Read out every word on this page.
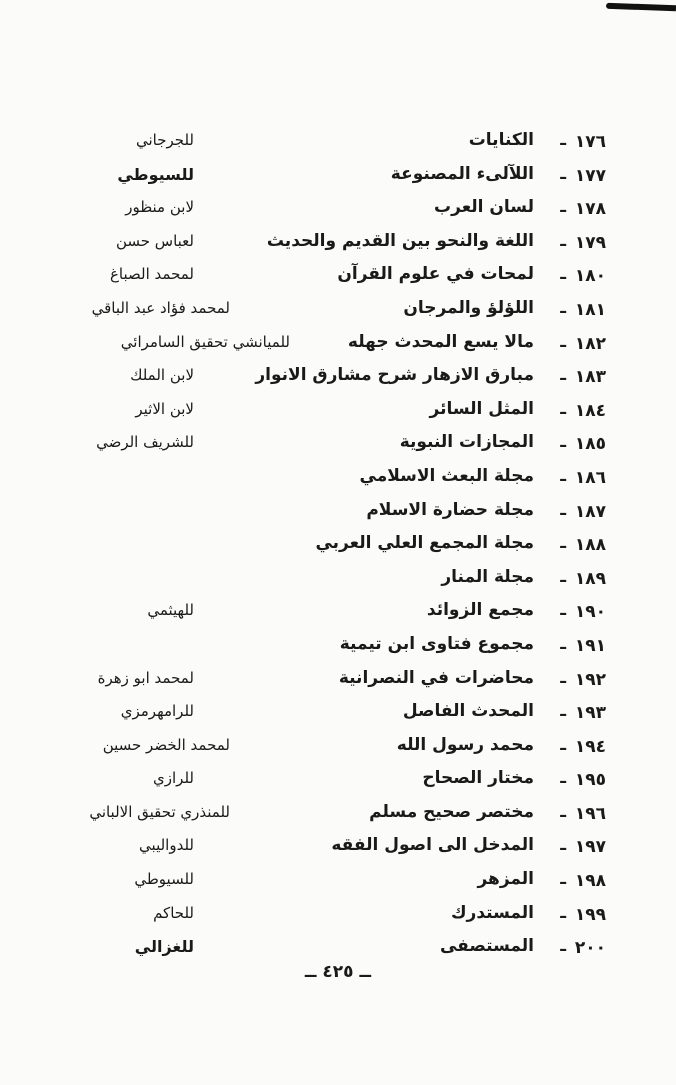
١٧٦
ـ
الكنايات
للجرجاني
١٧٧
ـ
اللآلىء المصنوعة
للسيوطي
١٧٨
ـ
لسان العرب
لابن منظور
١٧٩
ـ
اللغة والنحو بين القديم والحديث
لعباس حسن
١٨٠
ـ
لمحات في علوم القرآن
لمحمد الصباغ
١٨١
ـ
اللؤلؤ والمرجان
لمحمد فؤاد عبد الباقي
١٨٢
ـ
مالا يسع المحدث جهله
للميانشي تحقيق السامرائي
١٨٣
ـ
مبارق الازهار شرح مشارق الانوار
لابن الملك
١٨٤
ـ
المثل السائر
لابن الاثير
١٨٥
ـ
المجازات النبوية
للشريف الرضي
١٨٦
ـ
مجلة البعث الاسلامي
١٨٧
ـ
مجلة حضارة الاسلام
١٨٨
ـ
مجلة المجمع العلي العربي
١٨٩
ـ
مجلة المنار
١٩٠
ـ
مجمع الزوائد
للهيثمي
١٩١
ـ
مجموع فتاوى ابن تيمية
١٩٢
ـ
محاضرات في النصرانية
لمحمد ابو زهرة
١٩٣
ـ
المحدث الفاصل
للرامهرمزي
١٩٤
ـ
محمد رسول الله
لمحمد الخضر حسين
١٩٥
ـ
مختار الصحاح
للرازي
١٩٦
ـ
مختصر صحيح مسلم
للمنذري تحقيق الالباني
١٩٧
ـ
المدخل الى اصول الفقه
للدواليبي
١٩٨
ـ
المزهر
للسيوطي
١٩٩
ـ
المستدرك
للحاكم
٢٠٠
ـ
المستصفى
للغزالي
ــ ٤٢٥ ــ
